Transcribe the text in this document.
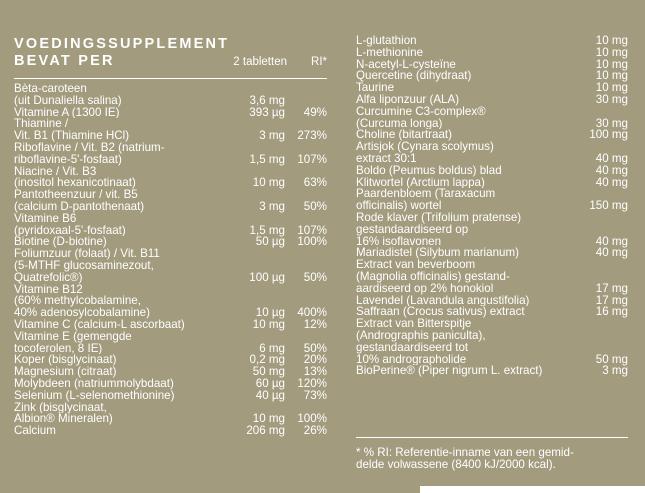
VOEDINGSSUPPLEMENT
BEVAT PER	2 tabletten	RI*
Bèta-caroteen
(uit Dunaliella salina)	3,6 mg
Vitamine A (1300 IE)	393 µg	49%
Thiamine /
Vit. B1 (Thiamine HCl)	3 mg	273%
Riboflavine / Vit. B2 (natrium-
riboflavine-5'-fosfaat)	1,5 mg	107%
Niacine / Vit. B3
(inositol hexanicotinaat)	10 mg	63%
Pantotheenzuur / vit. B5
(calcium D-pantothenaat)	3 mg	50%
Vitamine B6
(pyridoxaal-5'-fosfaat)	1,5 mg	107%
Biotine (D-biotine)	50 µg	100%
Foliumzuur (folaat) / Vit. B11
(5-MTHF glucosaminezout,
Quatrefolic®)	100 µg	50%
Vitamine B12
(60% methylcobalamine,
40% adenosylcobalamine)	10 µg	400%
Vitamine C (calcium-L ascorbaat)	10 mg	12%
Vitamine E (gemengde
tocoferolen, 8 IE)	6 mg	50%
Koper (bisglycinaat)	0,2 mg	20%
Magnesium (citraat)	50 mg	13%
Molybdeen (natriummolybdaat)	60 µg	120%
Selenium (L-selenomethionine)	40 µg	73%
Zink (bisglycinaat,
Albion® Mineralen)	10 mg	100%
Calcium	206 mg	26%
L-glutathion	10 mg
L-methionine	10 mg
N-acetyl-L-cysteïne	10 mg
Quercetine (dihydraat)	10 mg
Taurine	10 mg
Alfa liponzuur (ALA)	30 mg
Curcumine C3-complex®
(Curcuma longa)	30 mg
Choline (bitartraat)	100 mg
Artisjok (Cynara scolymus)
extract 30:1	40 mg
Boldo (Peumus boldus) blad	40 mg
Klitwortel (Arctium lappa)	40 mg
Paardenbloem (Taraxacum
officinalis) wortel	150 mg
Rode klaver (Trifolium pratense)
gestandaardiseerd op
16% isoflavonen	40 mg
Mariadistel (Silybum marianum)	40 mg
Extract van beverboom
(Magnolia officinalis) gestand-
aardiseerd op 2% honokiol	17 mg
Lavendel (Lavandula angustifolia)	17 mg
Saffraan (Crocus sativus) extract	16 mg
Extract van Bitterspitje
(Andrographis paniculta),
gestandaardiseerd tot
10% andrographolide	50 mg
BioPerine® (Piper nigrum L. extract)	3 mg
* % RI: Referentie-inname van een gemid-
delde volwassene (8400 kJ/2000 kcal).
